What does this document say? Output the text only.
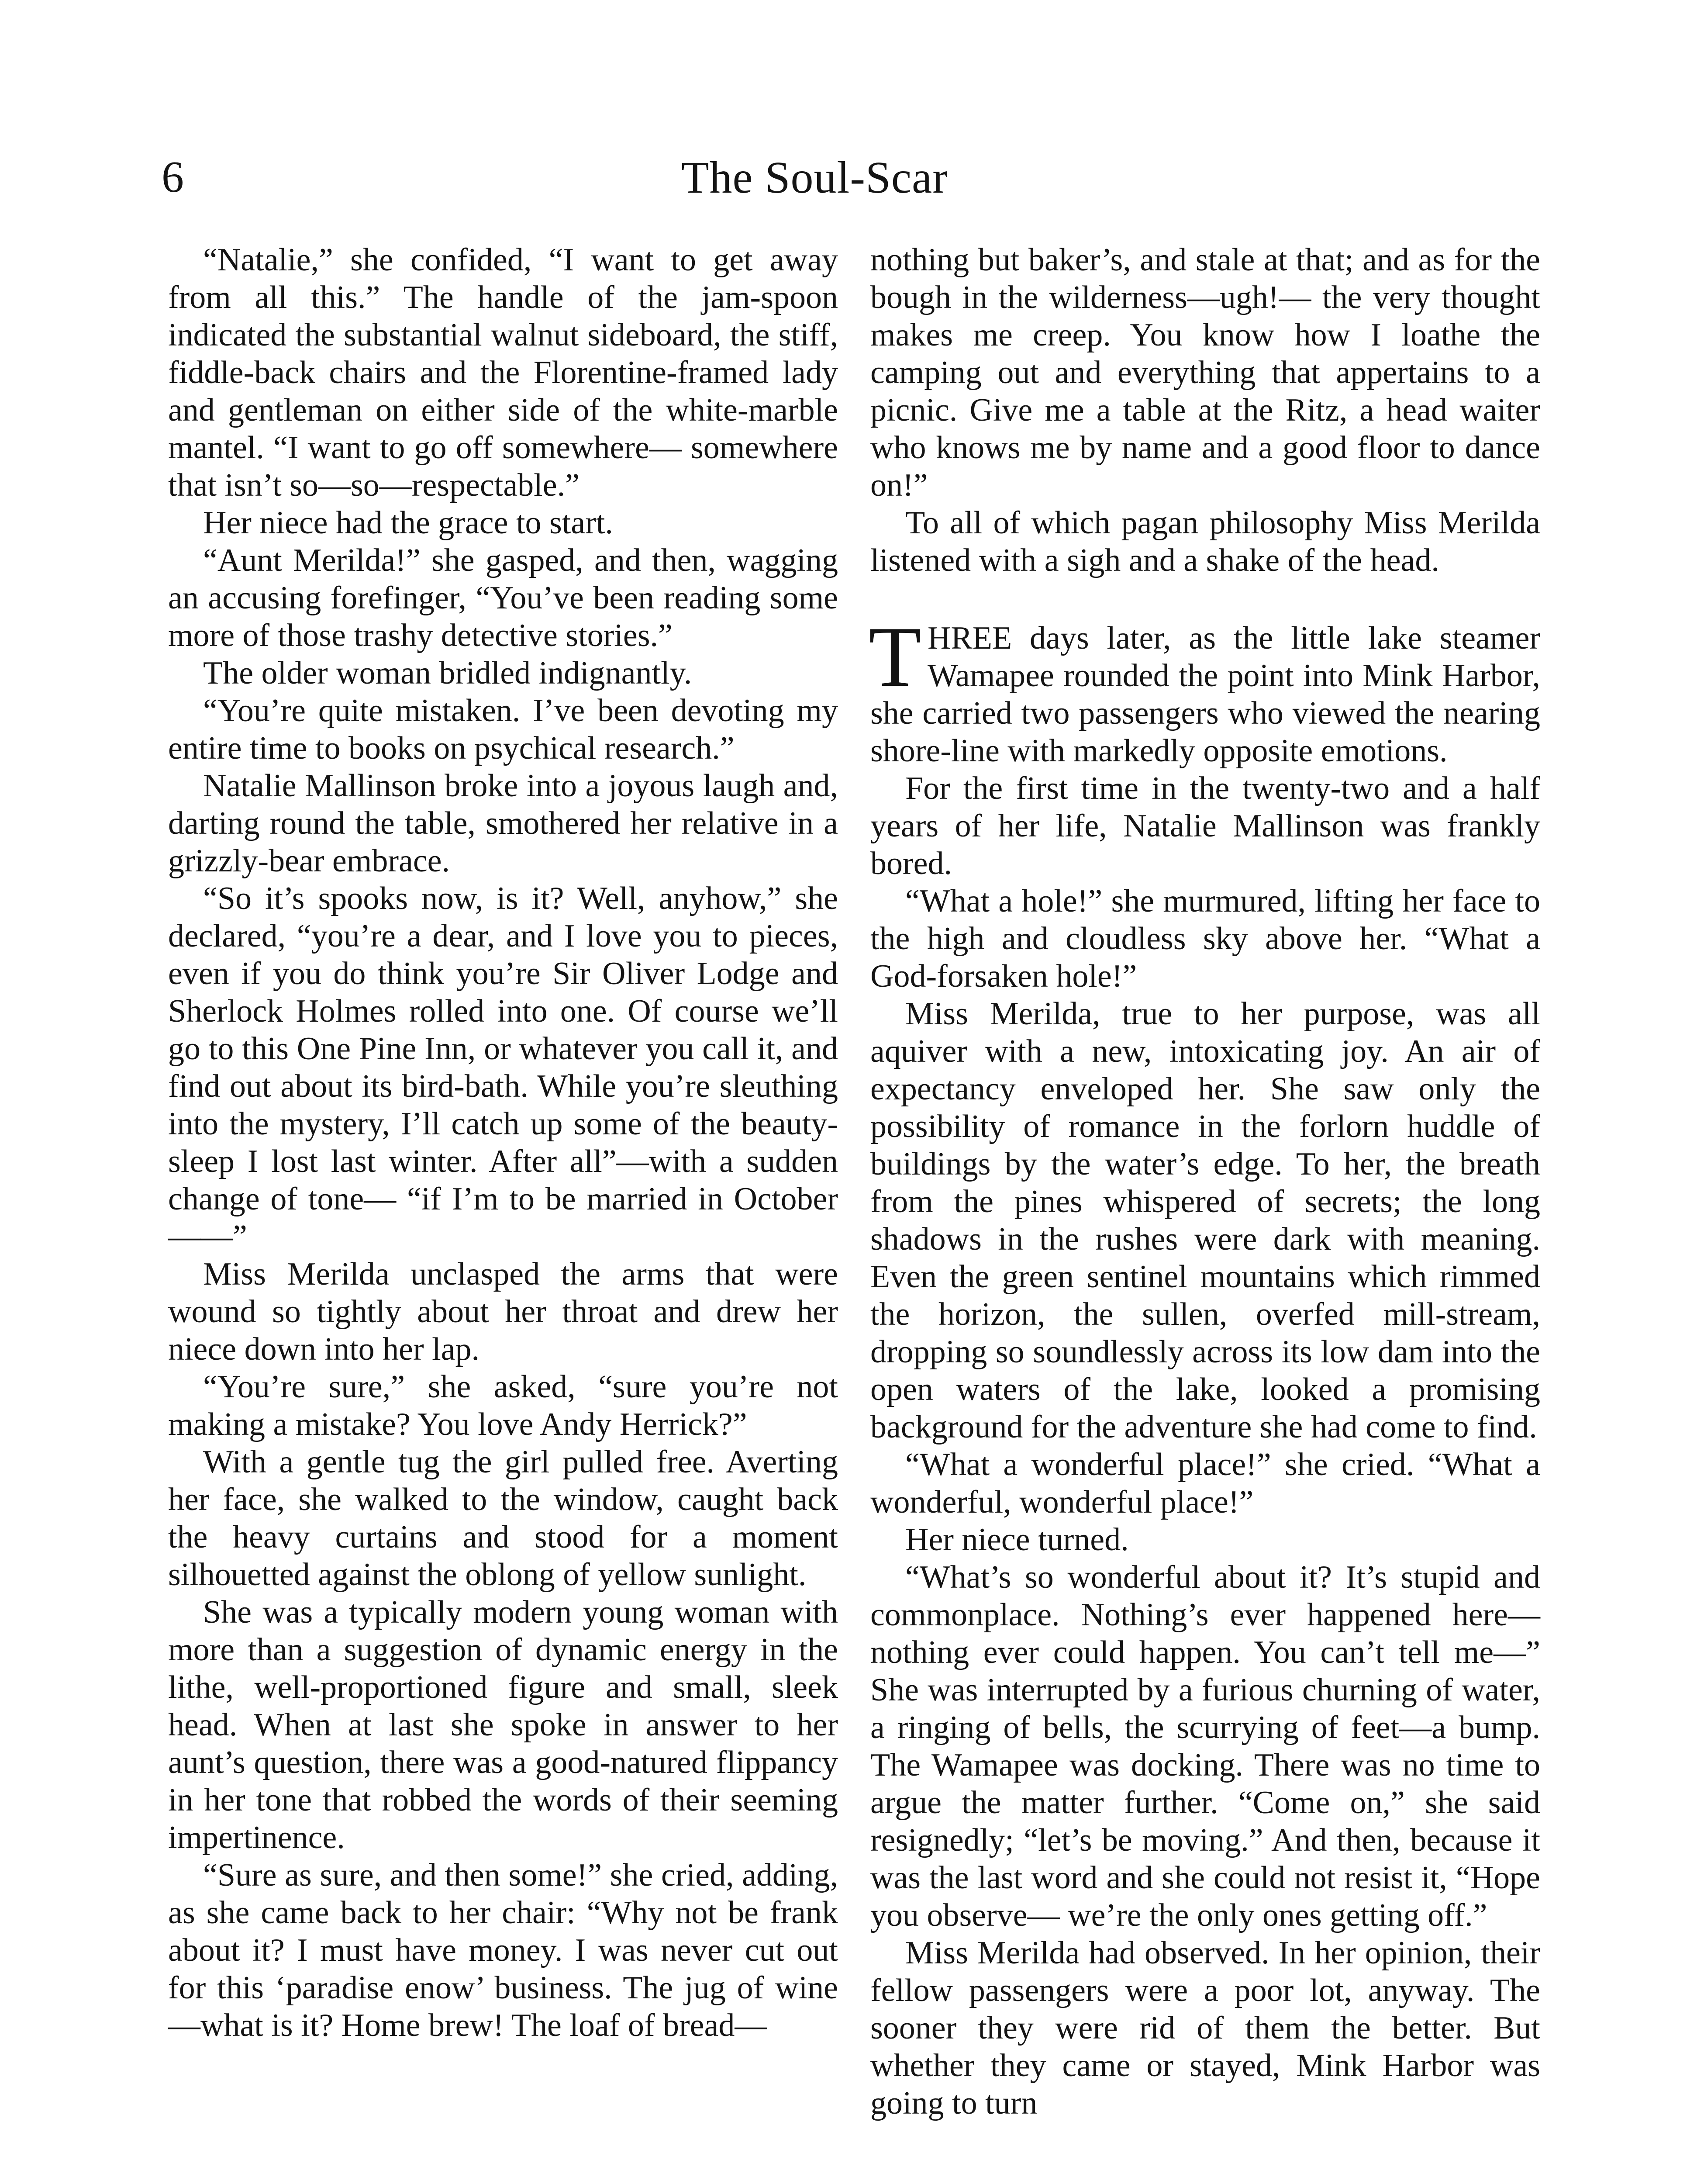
6	The Soul-Scar

“Natalie,” she confided, “I want to get away from all this.” The handle of the jam-spoon indicated the substantial walnut sideboard, the stiff, fiddle-back chairs and the Florentine-framed lady and gentleman on either side of the white-marble mantel. “I want to go off somewhere— somewhere that isn’t so—so—respectable.”

Her niece had the grace to start.

“Aunt Merilda!” she gasped, and then, wagging an accusing forefinger, “You’ve been reading some more of those trashy detective stories.”

The older woman bridled indignantly.

“You’re quite mistaken. I’ve been devoting my entire time to books on psychical research.”

Natalie Mallinson broke into a joyous laugh and, darting round the table, smothered her relative in a grizzly-bear embrace.

“So it’s spooks now, is it? Well, anyhow,” she declared, “you’re a dear, and I love you to pieces, even if you do think you’re Sir Oliver Lodge and Sherlock Holmes rolled into one. Of course we’ll go to this One Pine Inn, or whatever you call it, and find out about its bird-bath. While you’re sleuthing into the mystery, I’ll catch up some of the beauty-sleep I lost last winter. After all”—with a sudden change of tone— “if I’m to be married in October——”

Miss Merilda unclasped the arms that were wound so tightly about her throat and drew her niece down into her lap.

“You’re sure,” she asked, “sure you’re not making a mistake? You love Andy Herrick?”

With a gentle tug the girl pulled free. Averting her face, she walked to the window, caught back the heavy curtains and stood for a moment silhouetted against the oblong of yellow sunlight.

She was a typically modern young woman with more than a suggestion of dynamic energy in the lithe, well-proportioned figure and small, sleek head. When at last she spoke in answer to her aunt’s question, there was a good-natured flippancy in her tone that robbed the words of their seeming impertinence.

“Sure as sure, and then some!” she cried, adding, as she came back to her chair: “Why not be frank about it? I must have money. I was never cut out for this ‘paradise enow’ business. The jug of wine—what is it? Home brew! The loaf of bread—

nothing but baker’s, and stale at that; and as for the bough in the wilderness—ugh!— the very thought makes me creep. You know how I loathe the camping out and everything that appertains to a picnic. Give me a table at the Ritz, a head waiter who knows me by name and a good floor to dance on!”

To all of which pagan philosophy Miss Merilda listened with a sigh and a shake of the head.

THREE days later, as the little lake steamer Wamapee rounded the point into Mink Harbor, she carried two passengers who viewed the nearing shore-line with markedly opposite emotions.

For the first time in the twenty-two and a half years of her life, Natalie Mallinson was frankly bored.

“What a hole!” she murmured, lifting her face to the high and cloudless sky above her. “What a God-forsaken hole!”

Miss Merilda, true to her purpose, was all aquiver with a new, intoxicating joy. An air of expectancy enveloped her. She saw only the possibility of romance in the forlorn huddle of buildings by the water’s edge. To her, the breath from the pines whispered of secrets; the long shadows in the rushes were dark with meaning. Even the green sentinel mountains which rimmed the horizon, the sullen, overfed mill-stream, dropping so soundlessly across its low dam into the open waters of the lake, looked a promising background for the adventure she had come to find.

“What a wonderful place!” she cried. “What a wonderful, wonderful place!”

Her niece turned.

“What’s so wonderful about it? It’s stupid and commonplace. Nothing’s ever happened here—nothing ever could happen. You can’t tell me—” She was interrupted by a furious churning of water, a ringing of bells, the scurrying of feet—a bump. The Wamapee was docking. There was no time to argue the matter further. “Come on,” she said resignedly; “let’s be moving.” And then, because it was the last word and she could not resist it, “Hope you observe— we’re the only ones getting off.”

Miss Merilda had observed. In her opinion, their fellow passengers were a poor lot, anyway. The sooner they were rid of them the better. But whether they came or stayed, Mink Harbor was going to turn
